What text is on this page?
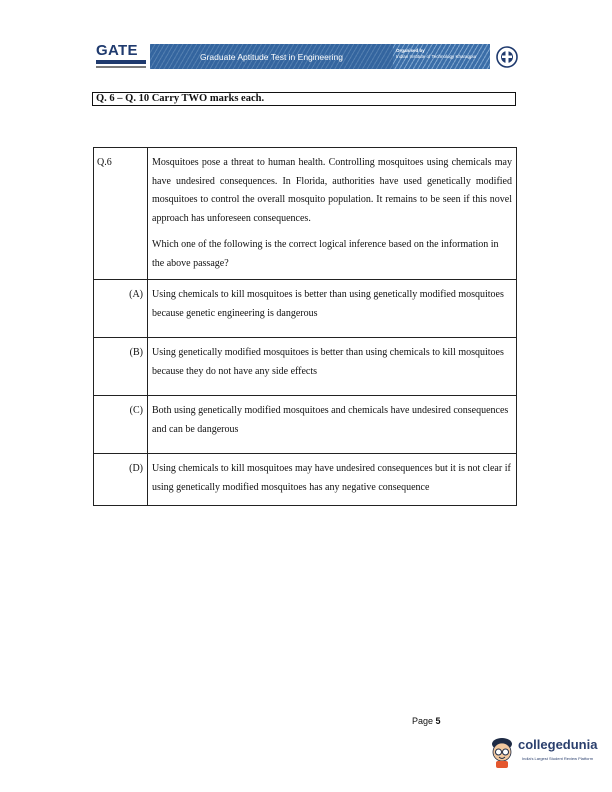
GATE	Graduate Aptitude Test in Engineering
Organised by
Indian Institute of Technology Kharagpur
Q. 6 – Q. 10 Carry TWO marks each.
Q.6	Mosquitoes pose a threat to human health. Controlling mosquitoes using chemicals may have undesired consequences. In Florida, authorities have used genetically modified mosquitoes to control the overall mosquito population. It remains to be seen if this novel approach has unforeseen consequences.

Which one of the following is the correct logical inference based on the information in the above passage?

(A)	Using chemicals to kill mosquitoes is better than using genetically modified mosquitoes because genetic engineering is dangerous
(B)	Using genetically modified mosquitoes is better than using chemicals to kill mosquitoes because they do not have any side effects
(C)	Both using genetically modified mosquitoes and chemicals have undesired consequences and can be dangerous
(D)	Using chemicals to kill mosquitoes may have undesired consequences but it is not clear if using genetically modified mosquitoes has any negative consequence
Page 5
collegedunia
India's Largest Student Review Platform
